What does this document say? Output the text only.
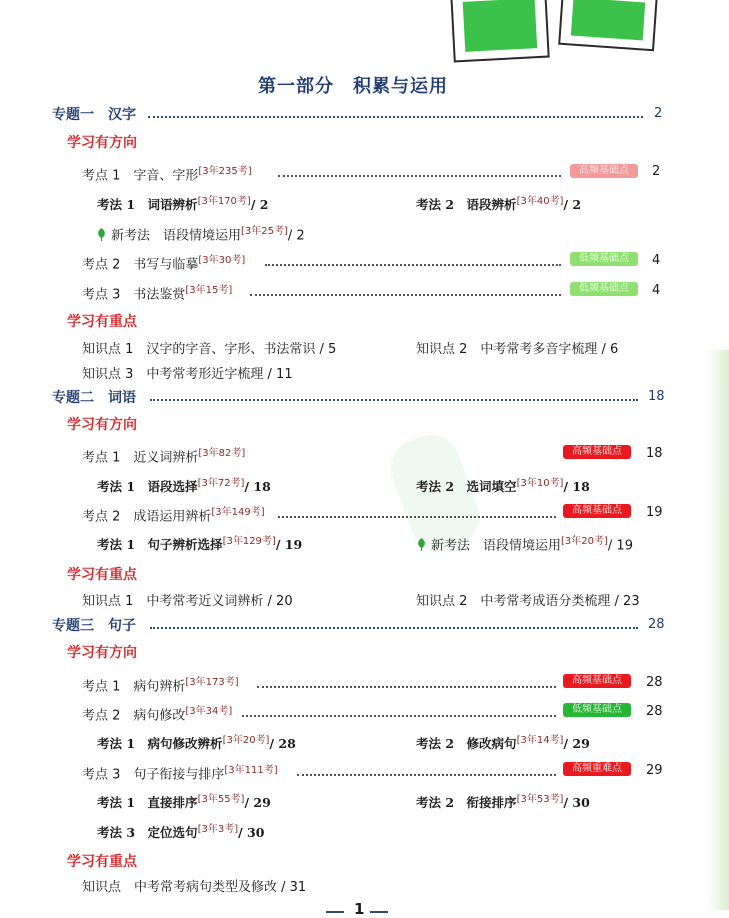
第一部分　积累与运用
专题一　汉字	2
学习有方向
考点 1　字音、字形[3年235考]	高频基础点	2
考法 1　词语辨析[3年170考]/ 2	考法 2　语段辨析[3年40考]/ 2
新考法　语段情境运用[3年25考]/ 2
考点 2　书写与临摹[3年30考]	低频基础点	4
考点 3　书法鉴赏[3年15考]	低频基础点	4
学习有重点
知识点 1　汉字的字音、字形、书法常识 / 5	知识点 2　中考常考多音字梳理 / 6
知识点 3　中考常考形近字梳理 / 11
专题二　词语	18
学习有方向
考点 1　近义词辨析[3年82考]	高频基础点	18
考法 1　语段选择[3年72考]/ 18	考法 2　选词填空[3年10考]/ 18
考点 2　成语运用辨析[3年149考]	高频基础点	19
考法 1　句子辨析选择[3年129考]/ 19	新考法　语段情境运用[3年20考]/ 19
学习有重点
知识点 1　中考常考近义词辨析 / 20	知识点 2　中考常考成语分类梳理 / 23
专题三　句子	28
学习有方向
考点 1　病句辨析[3年173考]	高频基础点	28
考点 2　病句修改[3年34考]	低频基础点	28
考法 1　病句修改辨析[3年20考]/ 28	考法 2　修改病句[3年14考]/ 29
考点 3　句子衔接与排序[3年111考]	高频重难点	29
考法 1　直接排序[3年55考]/ 29	考法 2　衔接排序[3年53考]/ 30
考法 3　定位选句[3年3考]/ 30
学习有重点
知识点　中考常考病句类型及修改 / 31
1
